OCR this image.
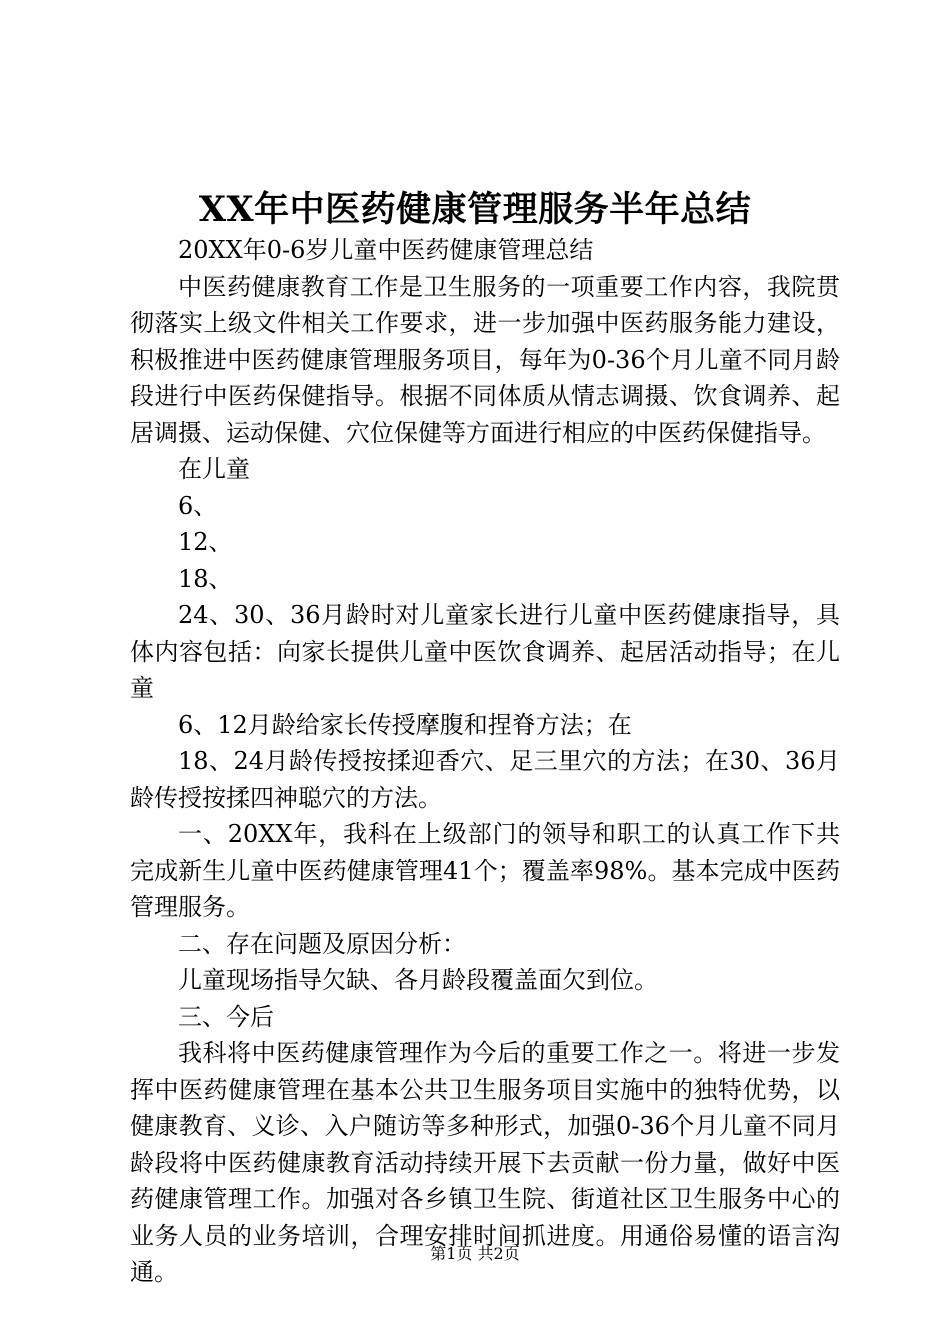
XX年中医药健康管理服务半年总结

20XX年0-6岁儿童中医药健康管理总结

中医药健康教育工作是卫生服务的一项重要工作内容，我院贯彻落实上级文件相关工作要求，进一步加强中医药服务能力建设，积极推进中医药健康管理服务项目，每年为0-36个月儿童不同月龄段进行中医药保健指导。根据不同体质从情志调摄、饮食调养、起居调摄、运动保健、穴位保健等方面进行相应的中医药保健指导。

在儿童

6、

12、

18、

24、30、36月龄时对儿童家长进行儿童中医药健康指导，具体内容包括：向家长提供儿童中医饮食调养、起居活动指导；在儿童

6、12月龄给家长传授摩腹和捏脊方法；在

18、24月龄传授按揉迎香穴、足三里穴的方法；在30、36月龄传授按揉四神聪穴的方法。

一、20XX年，我科在上级部门的领导和职工的认真工作下共完成新生儿童中医药健康管理41个；覆盖率98%。基本完成中医药管理服务。

二、存在问题及原因分析：

儿童现场指导欠缺、各月龄段覆盖面欠到位。

三、今后

我科将中医药健康管理作为今后的重要工作之一。将进一步发挥中医药健康管理在基本公共卫生服务项目实施中的独特优势，以健康教育、义诊、入户随访等多种形式，加强0-36个月儿童不同月龄段将中医药健康教育活动持续开展下去贡献一份力量，做好中医药健康管理工作。加强对各乡镇卫生院、街道社区卫生服务中心的业务人员的业务培训，合理安排时间抓进度。用通俗易懂的语言沟通。

第1页 共2页
